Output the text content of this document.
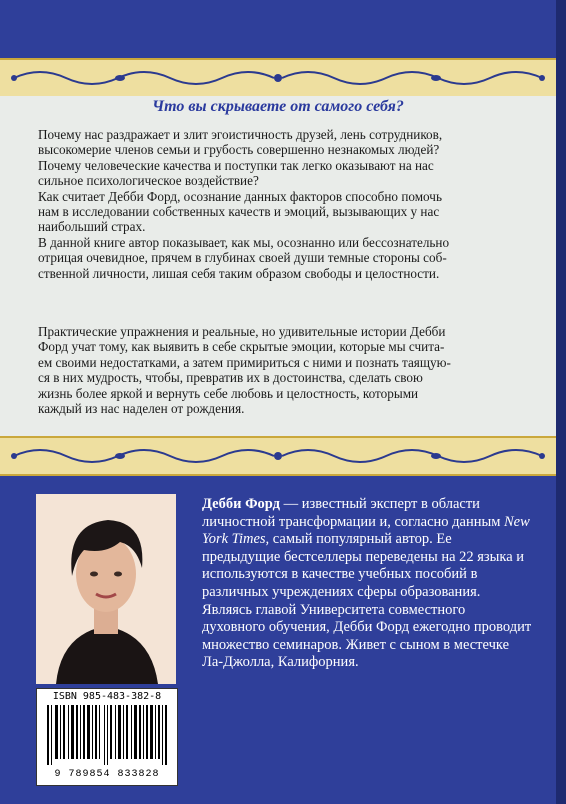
Что вы скрываете от самого себя?
Почему нас раздражает и злит эгоистичность друзей, лень сотрудников,
высокомерие членов семьи и грубость совершенно незнакомых людей?
Почему человеческие качества и поступки так легко оказывают на нас
сильное психологическое воздействие?
Как считает Дебби Форд, осознание данных факторов способно помочь
нам в исследовании собственных качеств и эмоций, вызывающих у нас
наибольший страх.
В данной книге автор показывает, как мы, осознанно или бессознательно
отрицая очевидное, прячем в глубинах своей души темные стороны соб-
ственной личности, лишая себя таким образом свободы и целостности.
Практические упражнения и реальные, но удивительные истории Дебби
Форд учат тому, как выявить в себе скрытые эмоции, которые мы счита-
ем своими недостатками, а затем примириться с ними и познать таящую-
ся в них мудрость, чтобы, превратив их в достоинства, сделать свою
жизнь более яркой и вернуть себе любовь и целостность, которыми
каждый из нас наделен от рождения.
ISBN 985-483-382-8
9 789854 833828

Дебби Форд — известный эксперт в области личностной трансформации и, согласно данным New York Times, самый популярный автор. Ее предыдущие бестселлеры переведены на 22 языка и используются в качестве учебных пособий в различных учреждениях сферы образования. Являясь главой Университета совместного духовного обучения, Дебби Форд ежегодно проводит множество семинаров. Живет с сыном в местечке Ла-Джолла, Калифорния.
